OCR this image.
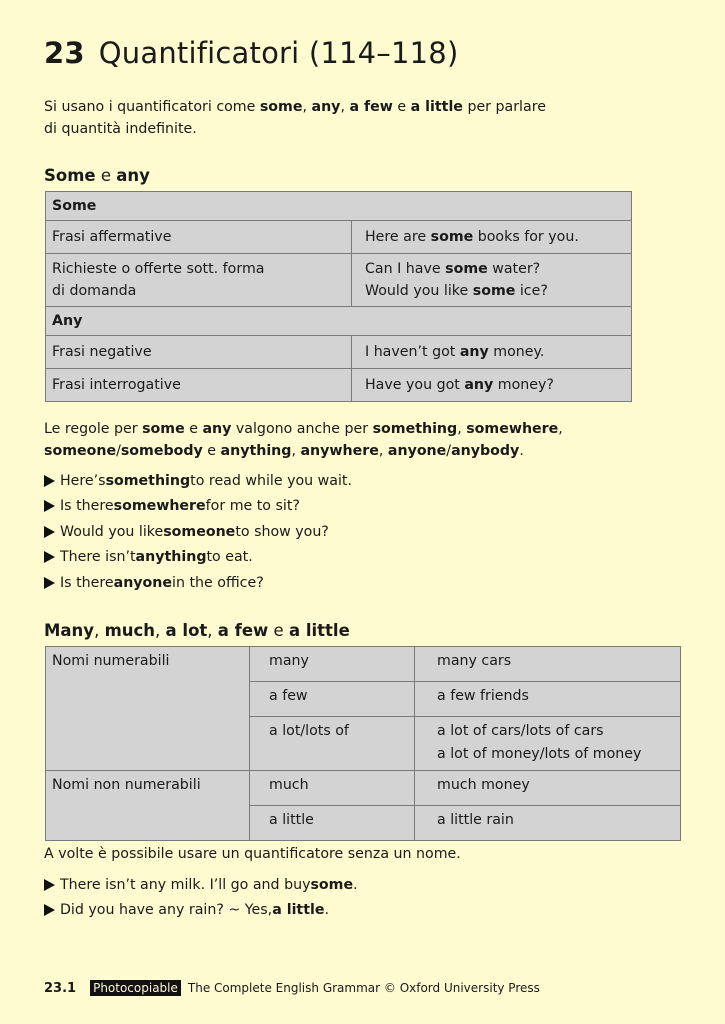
23 Quantificatori (114–118)

Si usano i quantificatori come some, any, a few e a little per parlare
di quantità indefinite.

Some e any
Some	
Frasi affermative	Here are some books for you.
Richieste o offerte sott. forma
di domanda	Can I have some water?
Would you like some ice?
Any	
Frasi negative	I haven’t got any money.
Frasi interrogative	Have you got any money?

Le regole per some e any valgono anche per something, somewhere,
someone/somebody e anything, anywhere, anyone/anybody.

Here’s something to read while you wait.
Is there somewhere for me to sit?
Would you like someone to show you?
There isn’t anything to eat.
Is there anyone in the office?
Many, much, a lot, a few e a little
Nomi numerabili	many	many cars
	a few	a few friends
	a lot/lots of	a lot of cars/lots of cars
a lot of money/lots of money

Nomi non numerabili	much	much money
	a little	a little rain

A volte è possibile usare un quantificatore senza un nome.

There isn’t any milk. I’ll go and buy some .
Did you have any rain? ~ Yes, a little .
23.1 Photocopiable The Complete English Grammar © Oxford University Press
